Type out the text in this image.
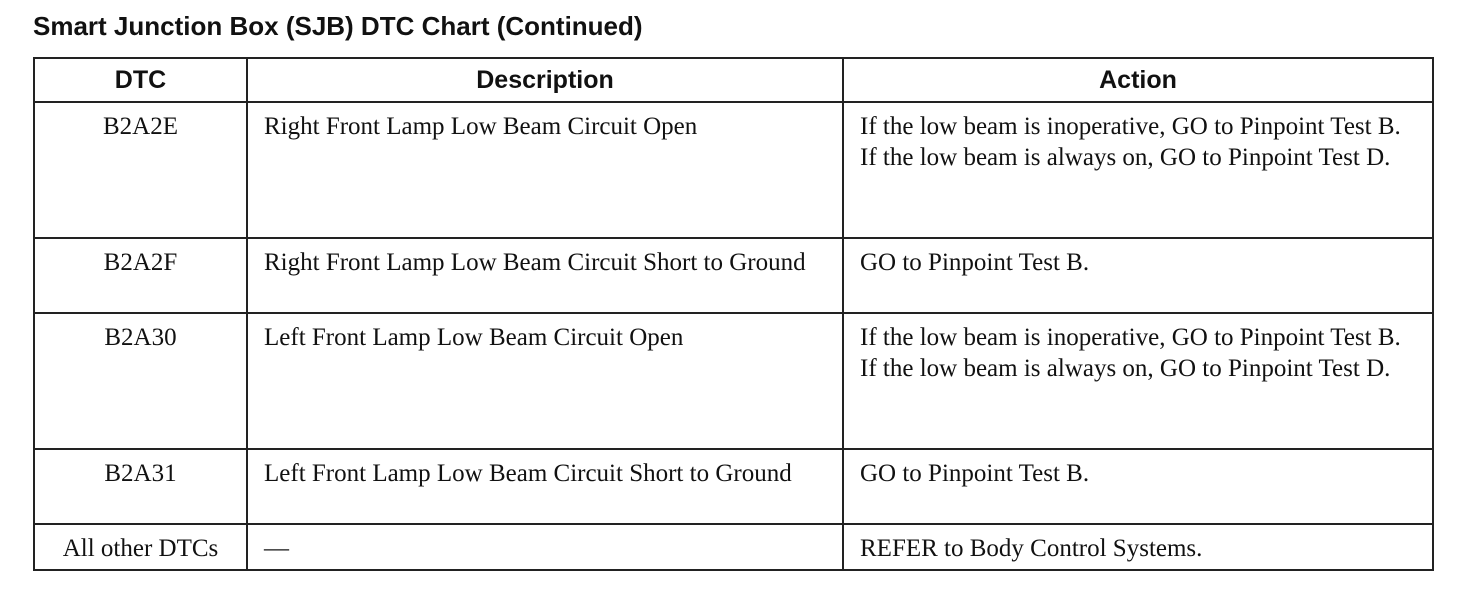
Smart Junction Box (SJB) DTC Chart (Continued)
DTC	Description	Action
B2A2E	Right Front Lamp Low Beam Circuit Open	If the low beam is inoperative, GO to Pinpoint Test B.
If the low beam is always on, GO to Pinpoint Test D.

B2A2F	Right Front Lamp Low Beam Circuit Short to Ground	GO to Pinpoint Test B.

B2A30	Left Front Lamp Low Beam Circuit Open	If the low beam is inoperative, GO to Pinpoint Test B.
If the low beam is always on, GO to Pinpoint Test D.

B2A31	Left Front Lamp Low Beam Circuit Short to Ground	GO to Pinpoint Test B.

All other DTCs	—	REFER to Body Control Systems.
